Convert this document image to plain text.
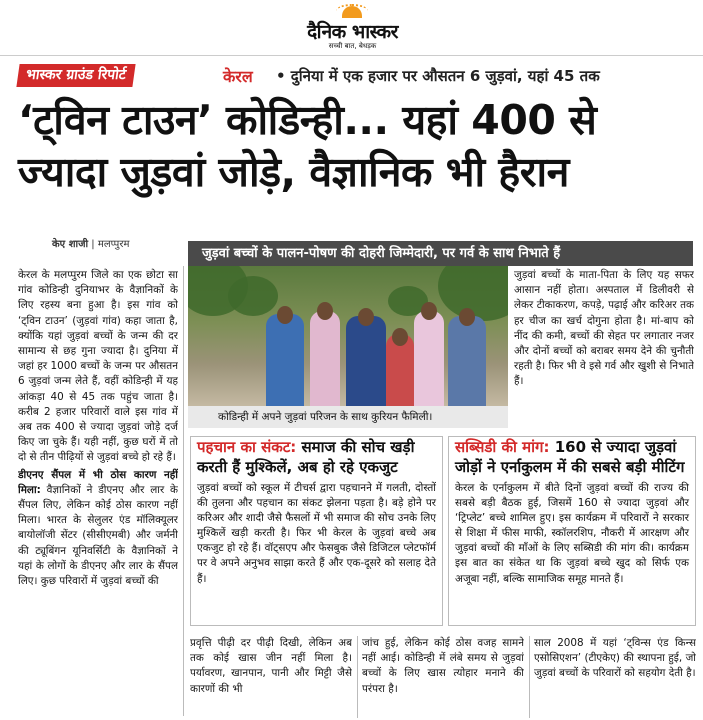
दैनिक भास्कर
सच्ची बात, बेधड़क
भास्कर ग्राउंड रिपोर्ट	केरल • दुनिया में एक हजार पर औसतन 6 जुड़वां, यहां 45 तक
‘ट्विन टाउन’ कोडिन्ही... यहां 400 से
ज्यादा जुड़वां जोड़े, वैज्ञानिक भी हैरान
केए शाजी | मलप्पुरम
जुड़वां बच्चों के पालन-पोषण की दोहरी जिम्मेदारी, पर गर्व के साथ निभाते हैं
कोडिन्ही में अपने जुड़वां परिजन के साथ कुरियन फैमिली।

केरल के मलप्पुरम जिले का एक छोटा सा गांव कोडिन्ही दुनियाभर के वैज्ञानिकों के लिए रहस्य बना हुआ है। इस गांव को ‘ट्विन टाउन’ (जुड़वां गांव) कहा जाता है, क्योंकि यहां जुड़वां बच्चों के जन्म की दर सामान्य से छह गुना ज्यादा है। दुनिया में जहां हर 1000 बच्चों के जन्म पर औसतन 6 जुड़वां जन्म लेते हैं, वहीं कोडिन्ही में यह आंकड़ा 40 से 45 तक पहुंच जाता है। करीब 2 हजार परिवारों वाले इस गांव में अब तक 400 से ज्यादा जुड़वां जोड़े दर्ज किए जा चुके हैं। यही नहीं, कुछ घरों में तो दो से तीन पीढ़ियों से जुड़वां बच्चे हो रहे हैं।

डीएनए सैंपल में भी ठोस कारण नहीं मिला: वैज्ञानिकों ने डीएनए और लार के सैंपल लिए, लेकिन कोई ठोस कारण नहीं मिला। भारत के सेलुलर एंड मॉलिक्यूलर बायोलॉजी सेंटर (सीसीएमबी) और जर्मनी की ट्यूबिंगन यूनिवर्सिटी के वैज्ञानिकों ने यहां के लोगों के डीएनए और लार के सैंपल लिए। कुछ परिवारों में जुड़वां बच्चों की

जुड़वां बच्चों के माता-पिता के लिए यह सफर आसान नहीं होता। अस्पताल में डिलीवरी से लेकर टीकाकरण, कपड़े, पढ़ाई और करिअर तक हर चीज का खर्च दोगुना होता है। मां-बाप को नींद की कमी, बच्चों की सेहत पर लगातार नजर और दोनों बच्चों को बराबर समय देने की चुनौती रहती है। फिर भी वे इसे गर्व और खुशी से निभाते हैं।

पहचान का संकट: समाज की सोच खड़ी करती हैं मुश्किलें, अब हो रहे एकजुट
जुड़वां बच्चों को स्कूल में टीचर्स द्वारा पहचानने में गलती, दोस्तों की तुलना और पहचान का संकट झेलना पड़ता है। बड़े होने पर करिअर और शादी जैसे फैसलों में भी समाज की सोच उनके लिए मुश्किलें खड़ी करती है। फिर भी केरल के जुड़वां बच्चे अब एकजुट हो रहे हैं। वॉट्सएप और फेसबुक जैसे डिजिटल प्लेटफॉर्म पर वे अपने अनुभव साझा करते हैं और एक-दूसरे को सलाह देते हैं।
सब्सिडी की मांग: 160 से ज्यादा जुड़वां जोड़ों ने एर्नाकुलम में की सबसे बड़ी मीटिंग
केरल के एर्नाकुलम में बीते दिनों जुड़वां बच्चों की राज्य की सबसे बड़ी बैठक हुई, जिसमें 160 से ज्यादा जुड़वां और ‘ट्रिप्लेट’ बच्चे शामिल हुए। इस कार्यक्रम में परिवारों ने सरकार से शिक्षा में फीस माफी, स्कॉलरशिप, नौकरी में आरक्षण और जुड़वां बच्चों की माँओं के लिए सब्सिडी की मांग की। कार्यक्रम इस बात का संकेत था कि जुड़वां बच्चे खुद को सिर्फ एक अजूबा नहीं, बल्कि सामाजिक समूह मानते हैं।

प्रवृत्ति पीढ़ी दर पीढ़ी दिखी, लेकिन अब तक कोई खास जीन नहीं मिला है। पर्यावरण, खानपान, पानी और मिट्टी जैसे कारणों की भी

जांच हुई, लेकिन कोई ठोस वजह सामने नहीं आई। कोडिन्ही में लंबे समय से जुड़वां बच्चों के लिए खास त्योहार मनाने की परंपरा है।

साल 2008 में यहां ‘ट्विन्स एंड किन्स एसोसिएशन’ (टीएकेए) की स्थापना हुई, जो जुड़वां बच्चों के परिवारों को सहयोग देती है।
